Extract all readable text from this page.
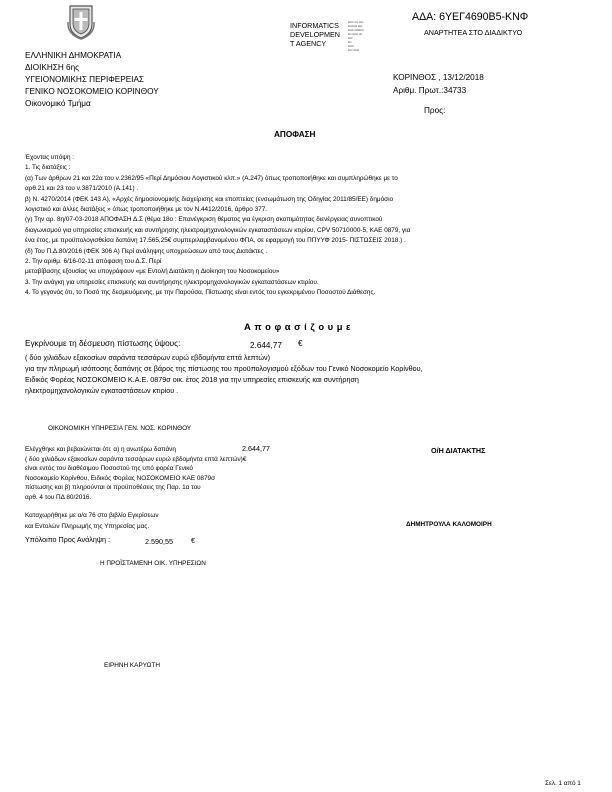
INFORMATICS
DEVELOPMEN
T AGENCY
▪▪▪▪▪ ▪▪▪ ▪▪▪▪
▪▪▪▪▪▪▪▪ ▪▪▪▪
▪▪▪▪▪ ▪▪▪▪▪▪▪▪
▪▪▪ ▪▪▪▪▪ ▪▪▪
▪▪▪▪
▪▪▪
▪▪▪▪▪
▪▪▪▪ ▪▪▪▪▪
ΑΔΑ: 6ΥΕΓ4690Β5-ΚΝΦ
ΑΝΑΡΤΗΤΕΑ ΣΤΟ ΔΙΑΔΙΚΤΥΟ
ΕΛΛΗΝΙΚΗ ΔΗΜΟΚΡΑΤΙΑ
ΔΙΟΙΚΗΣΗ 6ης
ΥΓΕΙΟΝΟΜΙΚΗΣ ΠΕΡΙΦΕΡΕΙΑΣ
ΓΕΝΙΚΟ ΝΟΣΟΚΟΜΕΙΟ ΚΟΡΙΝΘΟΥ
Οικονομικό Τμήμα
ΚΟΡΙΝΘΟΣ , 13/12/2018
Αριθμ. Πρωτ.:34733
Προς:
ΑΠΟΦΑΣΗ
Έχοντας υπόψη :
1. Τις διατάξεις :
(α) Των άρθρων 21 και 22α του ν.2362/95 «Περί Δημόσιου Λογιστικού κλπ.» (Α.247) όπως τροποποιήθηκε και συμπληρώθηκε με το
αρθ.21 και 23 του ν.3871/2010 (Α.141) .
β) Ν. 4270/2014 (ΦΕΚ 143 Α), «Αρχές δημοσιονομικής διαχείρισης και εποπτείας (ενσωμάτωση της Οδηγίας 2011/85/ΕΕ) δημόσιο
λογιστικό και άλλες διατάξεις » όπως τροποποιήθηκε με τον Ν.4412/2016, άρθρο 377.
(γ) Την αρ. 8η/07-03-2018 ΑΠΟΦΑΣΗ Δ.Σ (θέμα 18ο : Επανέγκριση θέματος για έγκριση σκοπιμότητας διενέργειας συνοπτικού
διαγωνισμού για υπηρεσίες επισκευής και συντήρησης ηλεκτρομηχανολογικών εγκαταστάσεων κτιρίου, CPV 50710000-5, ΚΑΕ 0879, για
ένα έτος, με προϋπολογισθείσα δαπάνη 17.565,25€ συμπεριλαμβανομένου ΦΠΑ, σε εφαρμογή του ΠΠΥΥΦ 2015- ΠΙΣΤΩΣΕΙΣ 2018.) .
(δ) Του Π.Δ.80/2016 (ΦΕΚ 306 Α) Περί ανάληψης υποχρεώσεων από τους Διατάκτες .
2. Την αριθμ. 6/16-02-11 απόφαση του Δ.Σ. Περί
μεταβίβασης εξουσίας να υπογράφουν «με Εντολή Διατάκτη η Διοίκηση του Νοσοκομείου»
3. Την ανάγκη για υπηρεσίες επισκευής και συντήρησης ηλεκτρομηχανολογικών εγκαταστάσεων κτιρίου.
4. Το γεγονός ότι, το Ποσό της δεσμευόμενης, με την Παρούσα, Πίστωσης είναι εντός του εγκεκριμένου Ποσοστού Διάθεσης.
Α π ο φ α σ ί ζ ο υ μ ε
Εγκρίνουμε τη δέσμευση πίστωσης ύψους:	2.644,77 €
( δύο χιλιάδων εξακοσίων σαράντα τεσσάρων ευρώ εβδομήντα επτά λεπτών)
για την πληρωμή ισόποσης δαπάνης σε βάρος της πίστωσης του προϋπολογισμού εξόδων του Γενικό Νοσοκομείο Κορίνθου,
Ειδικός Φορέας ΝΟΣΟΚΟΜΕΙΟ Κ.Α.Ε. 0879σ οικ. έτος 2018 για την υπηρεσίες επισκευής και συντήρηση
ηλεκτρομηχανολογικών εγκαταστάσεων κτιρίου .
ΟΙΚΟΝΟΜΙΚΗ ΥΠΗΡΕΣΙΑ ΓΕΝ. ΝΟΣ. ΚΟΡΙΝΘΟΥ
Ελέγχθηκε και βεβαιώνεται ότι: α) η ανωτέρω δαπάνη	2.644,77
( δύο χιλιάδων εξακοσίων σαράντα τεσσάρων ευρώ εβδομήντα επτά λεπτών)€
είναι εντός του διαθέσιμου Ποσοστού της υπό φορέα Γενικό
Νοσοκομείο Κορίνθου, Ειδικός Φορέας ΝΟΣΟΚΟΜΕΙΟ ΚΑΕ 0879σ
πίστωσης και β) πληρούνται οι προϋποθέσεις της Παρ. 1α του
αρθ. 4 του ΠΔ 80/2016.
Καταχωρήθηκε με α/α 76 στο βιβλίο Εγκρίσεων
και Εντολών Πληρωμής της Υπηρεσίας μας.
Υπόλοιπο Προς Ανάληψη :	2.590,55	€
Η ΠΡΟΪΣΤΑΜΕΝΗ ΟΙΚ. ΥΠΗΡΕΣΙΩΝ
ΕΙΡΗΝΗ ΚΑΡΥΩΤΗ
Ο/Η ΔΙΑΤΑΚΤΗΣ
ΔΗΜΗΤΡΟΥΛΑ ΚΑΛΟΜΟΙΡΗ
Σελ. 1 από 1
